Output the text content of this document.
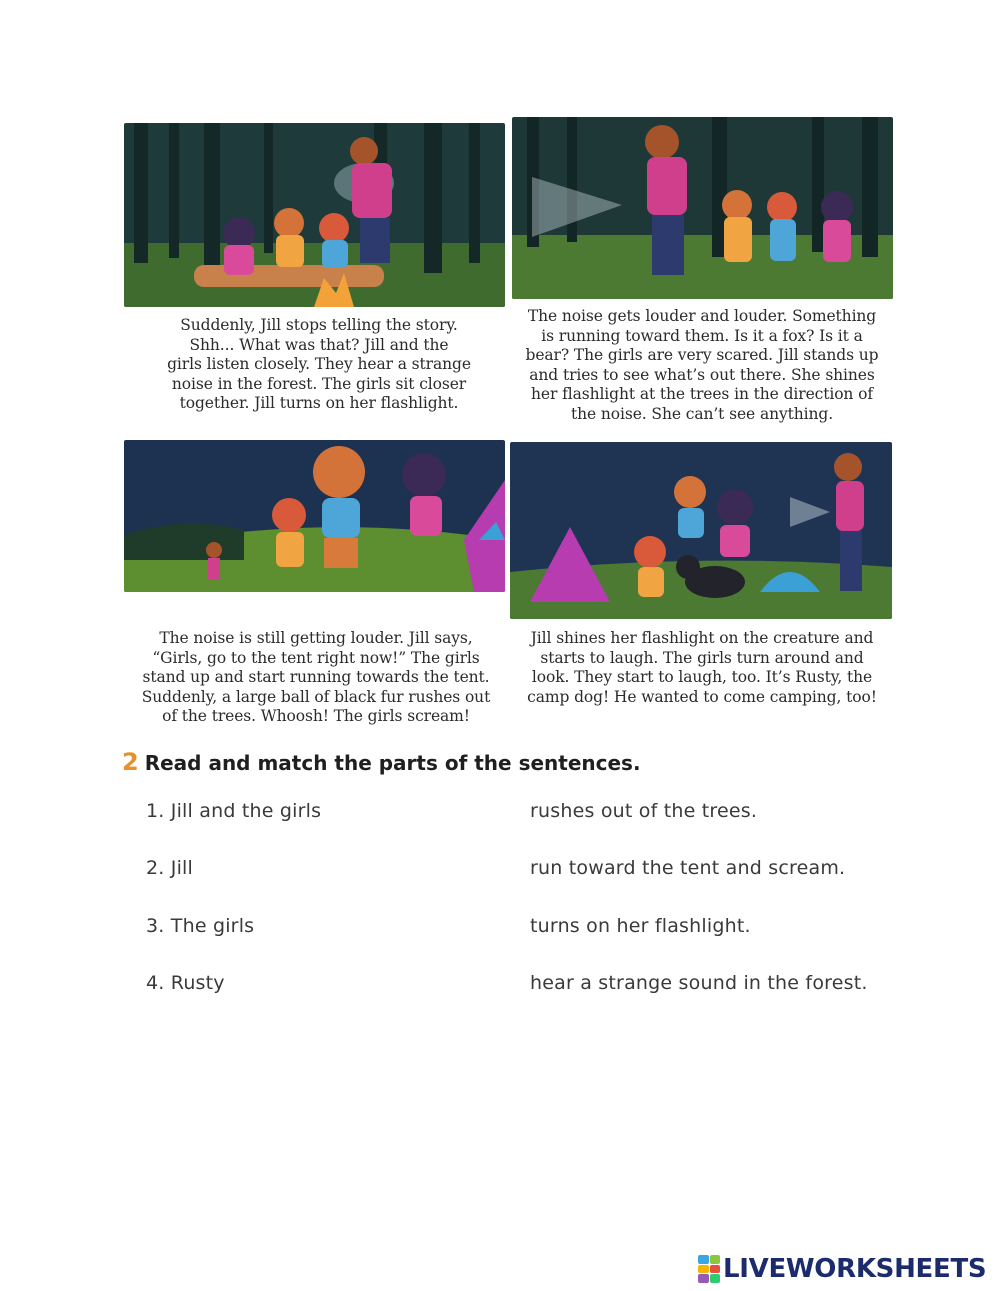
Suddenly, Jill stops telling the story.
Shh... What was that? Jill and the
girls listen closely. They hear a strange
noise in the forest. The girls sit closer
together. Jill turns on her flashlight.
The noise gets louder and louder. Something
is running toward them. Is it a fox? Is it a
bear? The girls are very scared. Jill stands up
and tries to see what’s out there. She shines
her flashlight at the trees in the direction of
the noise. She can’t see anything.
The noise is still getting louder. Jill says,
“Girls, go to the tent right now!” The girls
stand up and start running towards the tent.
Suddenly, a large ball of black fur rushes out
of the trees. Whoosh! The girls scream!
Jill shines her flashlight on the creature and
starts to laugh. The girls turn around and
look. They start to laugh, too. It’s Rusty, the
camp dog! He wanted to come camping, too!
2 Read and match the parts of the sentences.
1. Jill and the girls
2. Jill
3. The girls
4. Rusty
rushes out of the trees.
run toward the tent and scream.
turns on her flashlight.
hear a strange sound in the forest.
LIVEWORKSHEETS
